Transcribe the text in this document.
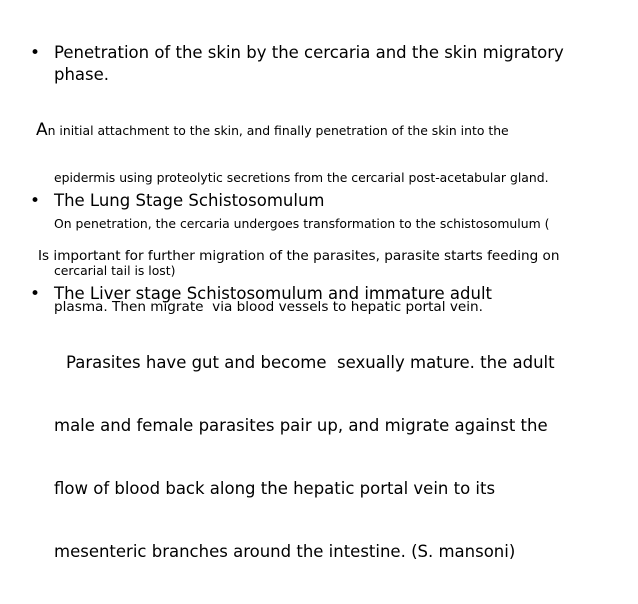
• Penetration of the skin by the cercaria and the skin migratory
phase.

An initial attachment to the skin, and finally penetration of the skin into the

epidermis using proteolytic secretions from the cercarial post-acetabular gland.

On penetration, the cercaria undergoes transformation to the schistosomulum (

cercarial tail is lost)

• The Lung Stage Schistosomulum

Is important for further migration of the parasites, parasite starts feeding on

plasma. Then migrate  via blood vessels to hepatic portal vein.

• The Liver stage Schistosomulum and immature adult

Parasites have gut and become  sexually mature. the adult

male and female parasites pair up, and migrate against the

flow of blood back along the hepatic portal vein to its

mesenteric branches around the intestine. (S. mansoni)
